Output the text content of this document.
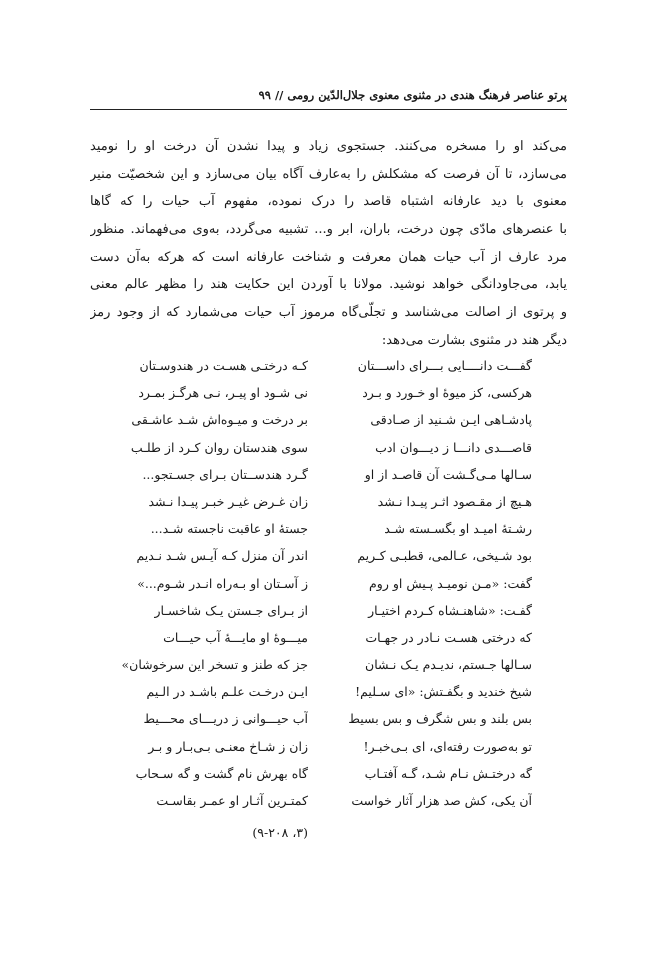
پرتو عناصر فرهنگ هندی در مثنوی معنوی جلال‌الدّین رومی // ۹۹
می‌کند او را مسخره می‌کنند. جستجوی زیاد و پیدا نشدن آن درخت او را نومید
می‌سازد، تا آن فرصت که مشکلش را به‌عارف آگاه بیان می‌سازد و این شخصیّت منیر
معنوی با دید عارفانه اشتباه قاصد را درک نموده، مفهوم آب حیات را که گاها
با عنصرهای مادّی چون درخت، باران، ابر و... تشبیه می‌گردد، به‌وی می‌فهماند. منظور
مرد عارف از آب حیات همان معرفت و شناخت عارفانه است که هرکه به‌آن دست
یابد، می‌جاودانگی خواهد نوشید. مولانا با آوردن این حکایت هند را مظهر عالم معنی
و پرتوی از اصالت می‌شناسد و تجلّی‌گاه مرموز آب حیات می‌شمارد که از وجود رمز
دیگر هند در مثنوی بشارت می‌دهد:
گفـــت دانــــایی بـــرای داســـتان
کـه درختـی هسـت در هندوسـتان
هرکسی، کز میوهٔ او خـورد و بـرد
نی شـود او پیـر، نـی هرگـز بمـرد
پادشـاهی ایـن شـنید از صـادقی
بر درخت و میـوه‌اش شـد عاشـقی
قاصـــدی دانـــا ز دیـــوان ادب
سوی هندستان روان کـرد از طلـب
سـالها مـی‌گـشت آن قاصـد از او
گـرد هندســتان بـرای جسـتجو...
هـیچ از مقـصود اثـر پیـدا نـشد
زان غـرض غیـر خبـر پیـدا نـشد
رشـتهٔ امیـد او بگسـسته شـد
جستهٔ او عاقبت ناجسته شـد...
بود شـیخی، عـالمی، قطبـی کـریم
اندر آن منزل کـه آیـس شـد نـدیم
گفت: «مـن نومیـد پـیش او روم
ز آسـتان او بـه‌راه انـدر شـوم...»
گفـت: «شاهنـشاه کـردم اختیـار
از بـرای جـستن یـک شاخسـار
که درختی هسـت نـادر در جهـات
میـــوهٔ او مایـــهٔ آب حیـــات
سـالها جـستم، ندیـدم یـک نـشان
جز که طنز و تسخر این سرخوشان»
شیخ خندید و بگفـتش: «ای سـلیم!
ایـن درخـت علـم باشـد در الـیم
بس بلند و بس شگرف و بس بسیط
آب حیـــوانی ز دریـــای محـــیط
تو به‌صورت رفته‌ای، ای بـی‌خبـر!
زان ز شـاخ معنـی بـی‌بـار و بـر
گه درختـش نـام شـد، گـه آفتـاب
گاه بهرش نام گشت و گه سـحاب
آن یکی، کش صد هزار آثار خواست
کمتـرین آثـار او عمـر بقاسـت
(۳، ۹-۲۰۸)
